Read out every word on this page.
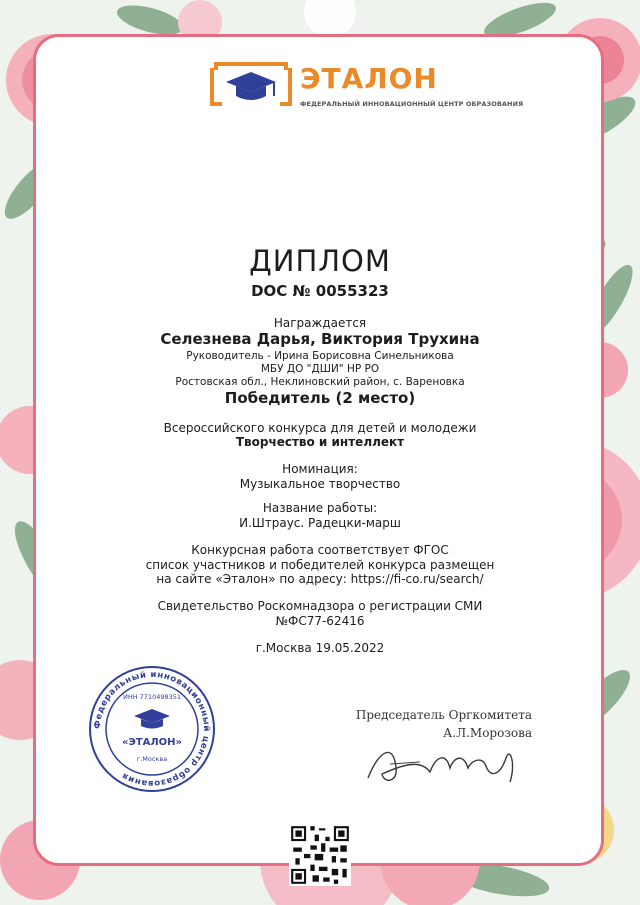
ЭТАЛОН
ФЕДЕРАЛЬНЫЙ ИННОВАЦИОННЫЙ ЦЕНТР ОБРАЗОВАНИЯ
ДИПЛОМ
DOC № 0055323
Награждается
Селезнева Дарья, Виктория Трухина
Руководитель - Ирина Борисовна Синельникова
МБУ ДО "ДШИ" НР РО
Ростовская обл., Неклиновский район, с. Вареновка
Победитель (2 место)
Всероссийского конкурса для детей и молодежи
Творчество и интеллект
Номинация:
Музыкальное творчество
Название работы:
И.Штраус. Радецки-марш
Конкурсная работа соответствует ФГОС
список участников и победителей конкурса размещен
на сайте «Эталон» по адресу: https://fi-co.ru/search/
Свидетельство Роскомнадзора о регистрации СМИ
№ФС77-62416
г.Москва 19.05.2022
Федеральный инновационный центр образования
ИНН 7710498351
«ЭТАЛОН»
г.Москва
Председатель Оргкомитета
А.Л.Морозова
